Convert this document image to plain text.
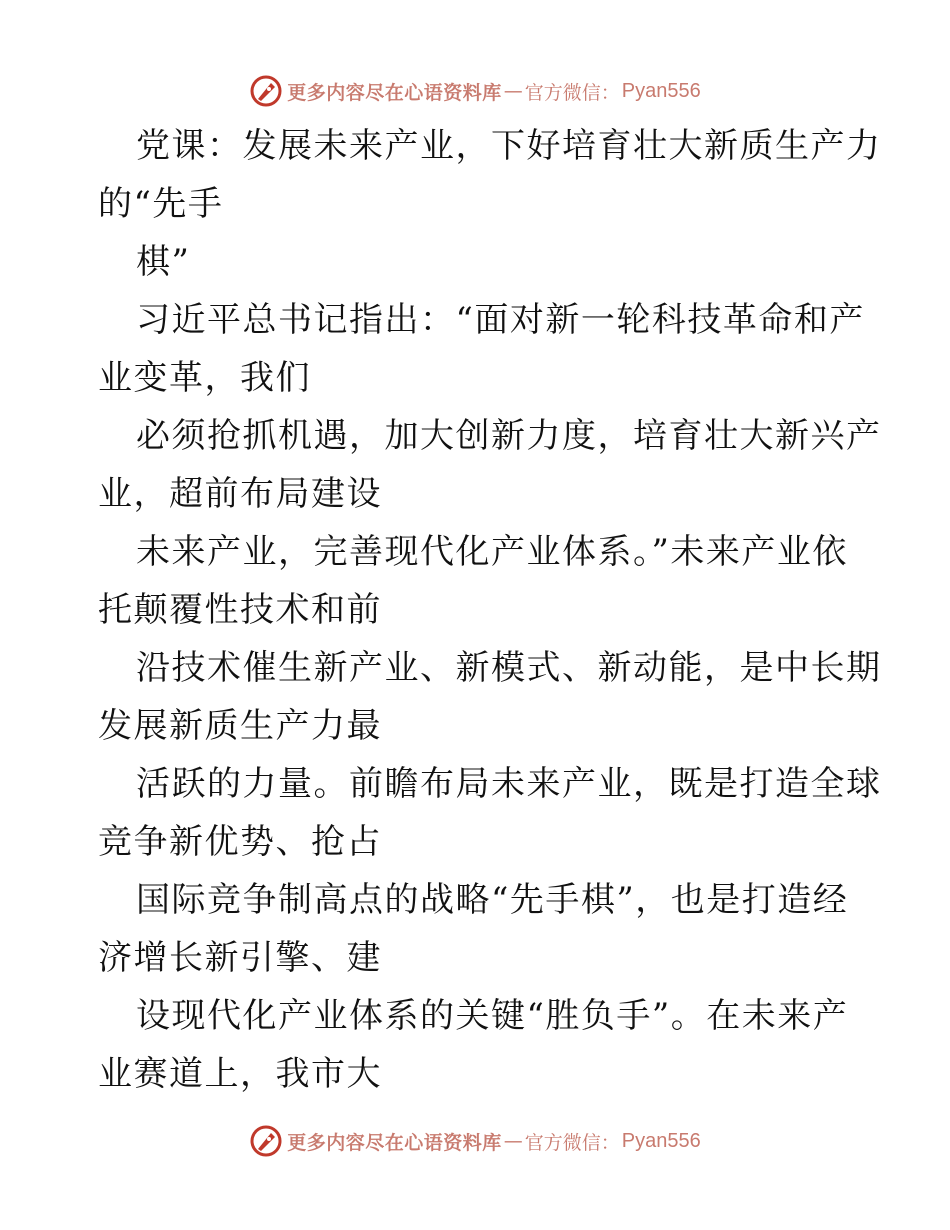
更多内容尽在心语资料库 — 官方微信： Pyan556
党课：发展未来产业，下好培育壮大新质生产力
的“先手
棋”
习近平总书记指出：“面对新一轮科技革命和产
业变革，我们
必须抢抓机遇，加大创新力度，培育壮大新兴产
业，超前布局建设
未来产业，完善现代化产业体系。”未来产业依
托颠覆性技术和前
沿技术催生新产业、新模式、新动能，是中长期
发展新质生产力最
活跃的力量。前瞻布局未来产业，既是打造全球
竞争新优势、抢占
国际竞争制高点的战略“先手棋”，也是打造经
济增长新引擎、建
设现代化产业体系的关键“胜负手”。在未来产
业赛道上，我市大
更多内容尽在心语资料库 — 官方微信： Pyan556
